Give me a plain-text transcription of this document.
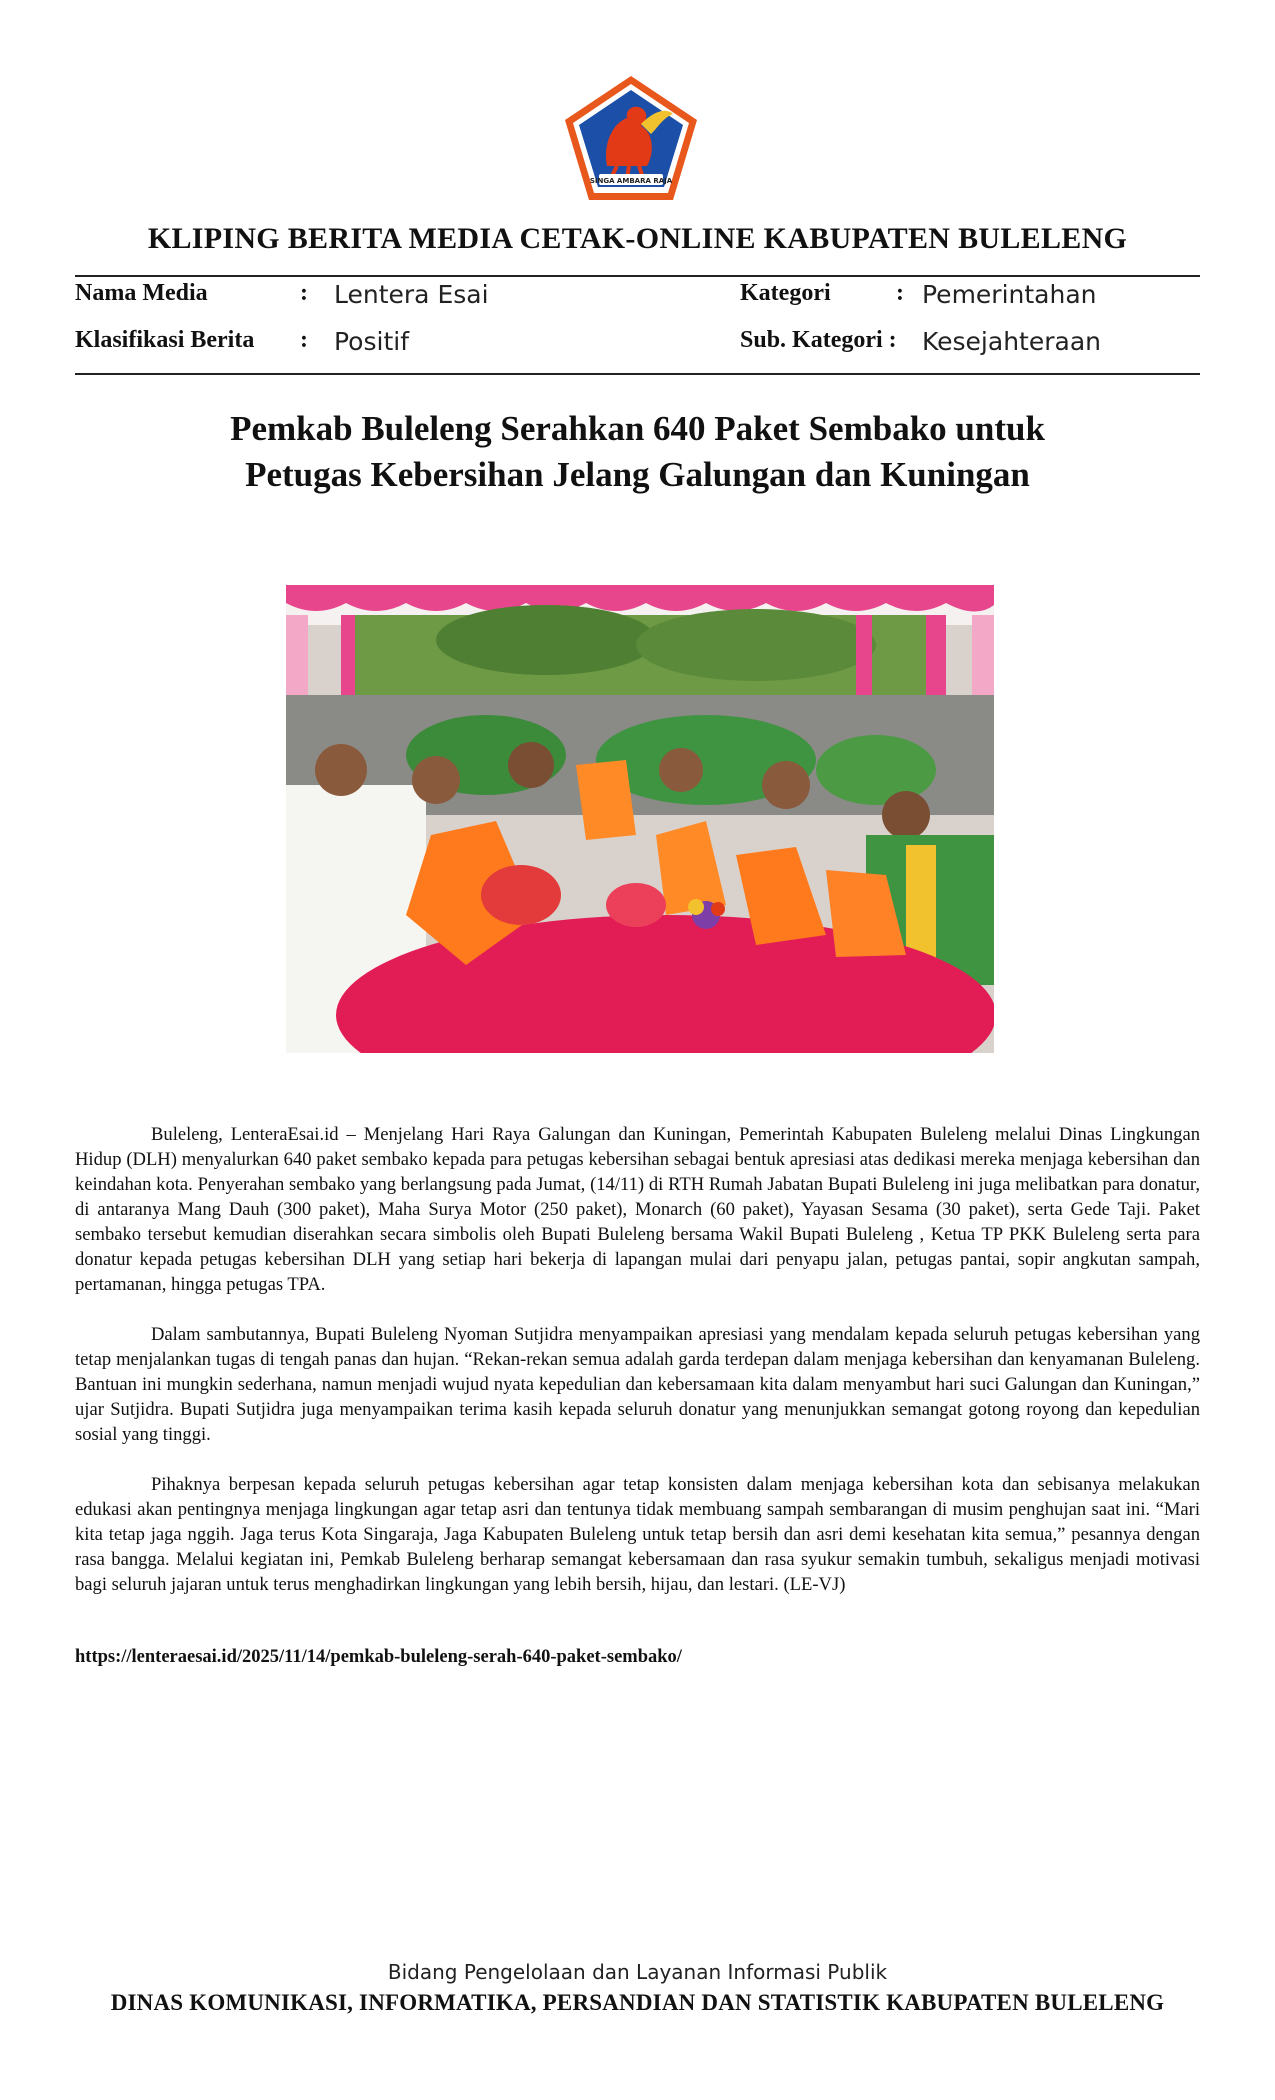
SINGA AMBARA RAJA
KLIPING BERITA MEDIA CETAK-ONLINE KABUPATEN BULELENG
Nama Media	: Lentera Esai	Kategori	: Pemerintahan
Klasifikasi Berita : Positif	Sub. Kategori : Kesejahteraan
Pemkab Buleleng Serahkan 640 Paket Sembako untuk
Petugas Kebersihan Jelang Galungan dan Kuningan

Buleleng, LenteraEsai.id – Menjelang Hari Raya Galungan dan Kuningan, Pemerintah Kabupaten Buleleng melalui Dinas Lingkungan Hidup (DLH) menyalurkan 640 paket sembako kepada para petugas kebersihan sebagai bentuk apresiasi atas dedikasi mereka menjaga kebersihan dan keindahan kota. Penyerahan sembako yang berlangsung pada Jumat, (14/11) di RTH Rumah Jabatan Bupati Buleleng ini juga melibatkan para donatur, di antaranya Mang Dauh (300 paket), Maha Surya Motor (250 paket), Monarch (60 paket), Yayasan Sesama (30 paket), serta Gede Taji. Paket sembako tersebut kemudian diserahkan secara simbolis oleh Bupati Buleleng bersama Wakil Bupati Buleleng , Ketua TP PKK Buleleng serta para donatur kepada petugas kebersihan DLH yang setiap hari bekerja di lapangan mulai dari penyapu jalan, petugas pantai, sopir angkutan sampah, pertamanan, hingga petugas TPA.

Dalam sambutannya, Bupati Buleleng Nyoman Sutjidra menyampaikan apresiasi yang mendalam kepada seluruh petugas kebersihan yang tetap menjalankan tugas di tengah panas dan hujan. “Rekan-rekan semua adalah garda terdepan dalam menjaga kebersihan dan kenyamanan Buleleng. Bantuan ini mungkin sederhana, namun menjadi wujud nyata kepedulian dan kebersamaan kita dalam menyambut hari suci Galungan dan Kuningan,” ujar Sutjidra. Bupati Sutjidra juga menyampaikan terima kasih kepada seluruh donatur yang menunjukkan semangat gotong royong dan kepedulian sosial yang tinggi.

Pihaknya berpesan kepada seluruh petugas kebersihan agar tetap konsisten dalam menjaga kebersihan kota dan sebisanya melakukan edukasi akan pentingnya menjaga lingkungan agar tetap asri dan tentunya tidak membuang sampah sembarangan di musim penghujan saat ini. “Mari kita tetap jaga nggih. Jaga terus Kota Singaraja, Jaga Kabupaten Buleleng untuk tetap bersih dan asri demi kesehatan kita semua,” pesannya dengan rasa bangga. Melalui kegiatan ini, Pemkab Buleleng berharap semangat kebersamaan dan rasa syukur semakin tumbuh, sekaligus menjadi motivasi bagi seluruh jajaran untuk terus menghadirkan lingkungan yang lebih bersih, hijau, dan lestari. (LE-VJ)

https://lenteraesai.id/2025/11/14/pemkab-buleleng-serah-640-paket-sembako/
Bidang Pengelolaan dan Layanan Informasi Publik
DINAS KOMUNIKASI, INFORMATIKA, PERSANDIAN DAN STATISTIK KABUPATEN BULELENG
